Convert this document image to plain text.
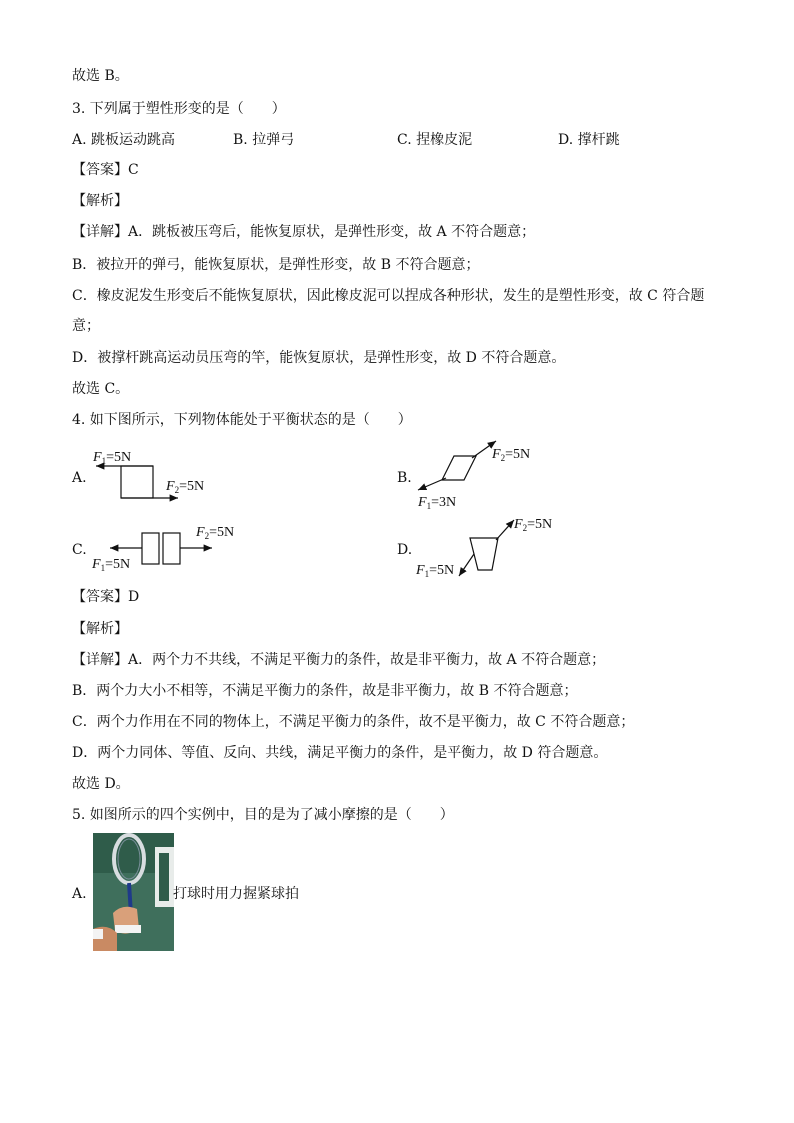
故选 B。
3. 下列属于塑性形变的是（　　）
A. 跳板运动跳高	B. 拉弹弓	C. 捏橡皮泥	D. 撑杆跳
【答案】C
【解析】
【详解】A．跳板被压弯后，能恢复原状，是弹性形变，故 A 不符合题意；
B．被拉开的弹弓，能恢复原状，是弹性形变，故 B 不符合题意；
C．橡皮泥发生形变后不能恢复原状，因此橡皮泥可以捏成各种形状，发生的是塑性形变，故 C 符合题
意；
D．被撑杆跳高运动员压弯的竿，能恢复原状，是弹性形变，故 D 不符合题意。
故选 C。
4. 如下图所示，下列物体能处于平衡状态的是（　　）
A.	B.
C.	D.
$F_1=5N$
$F_2=5N$
$F_2=5N$
$F_1=3N$
$F_2=5N$
$F_1=5N$
$F_2=5N$
$F_1=5N$
【答案】D
【解析】
【详解】A．两个力不共线，不满足平衡力的条件，故是非平衡力，故 A 不符合题意；
B．两个力大小不相等，不满足平衡力的条件，故是非平衡力，故 B 不符合题意；
C．两个力作用在不同的物体上，不满足平衡力的条件，故不是平衡力，故 C 不符合题意；
D．两个力同体、等值、反向、共线，满足平衡力的条件，是平衡力，故 D 符合题意。
故选 D。
5. 如图所示的四个实例中，目的是为了减小摩擦的是（　　）
A.	打球时用力握紧球拍
